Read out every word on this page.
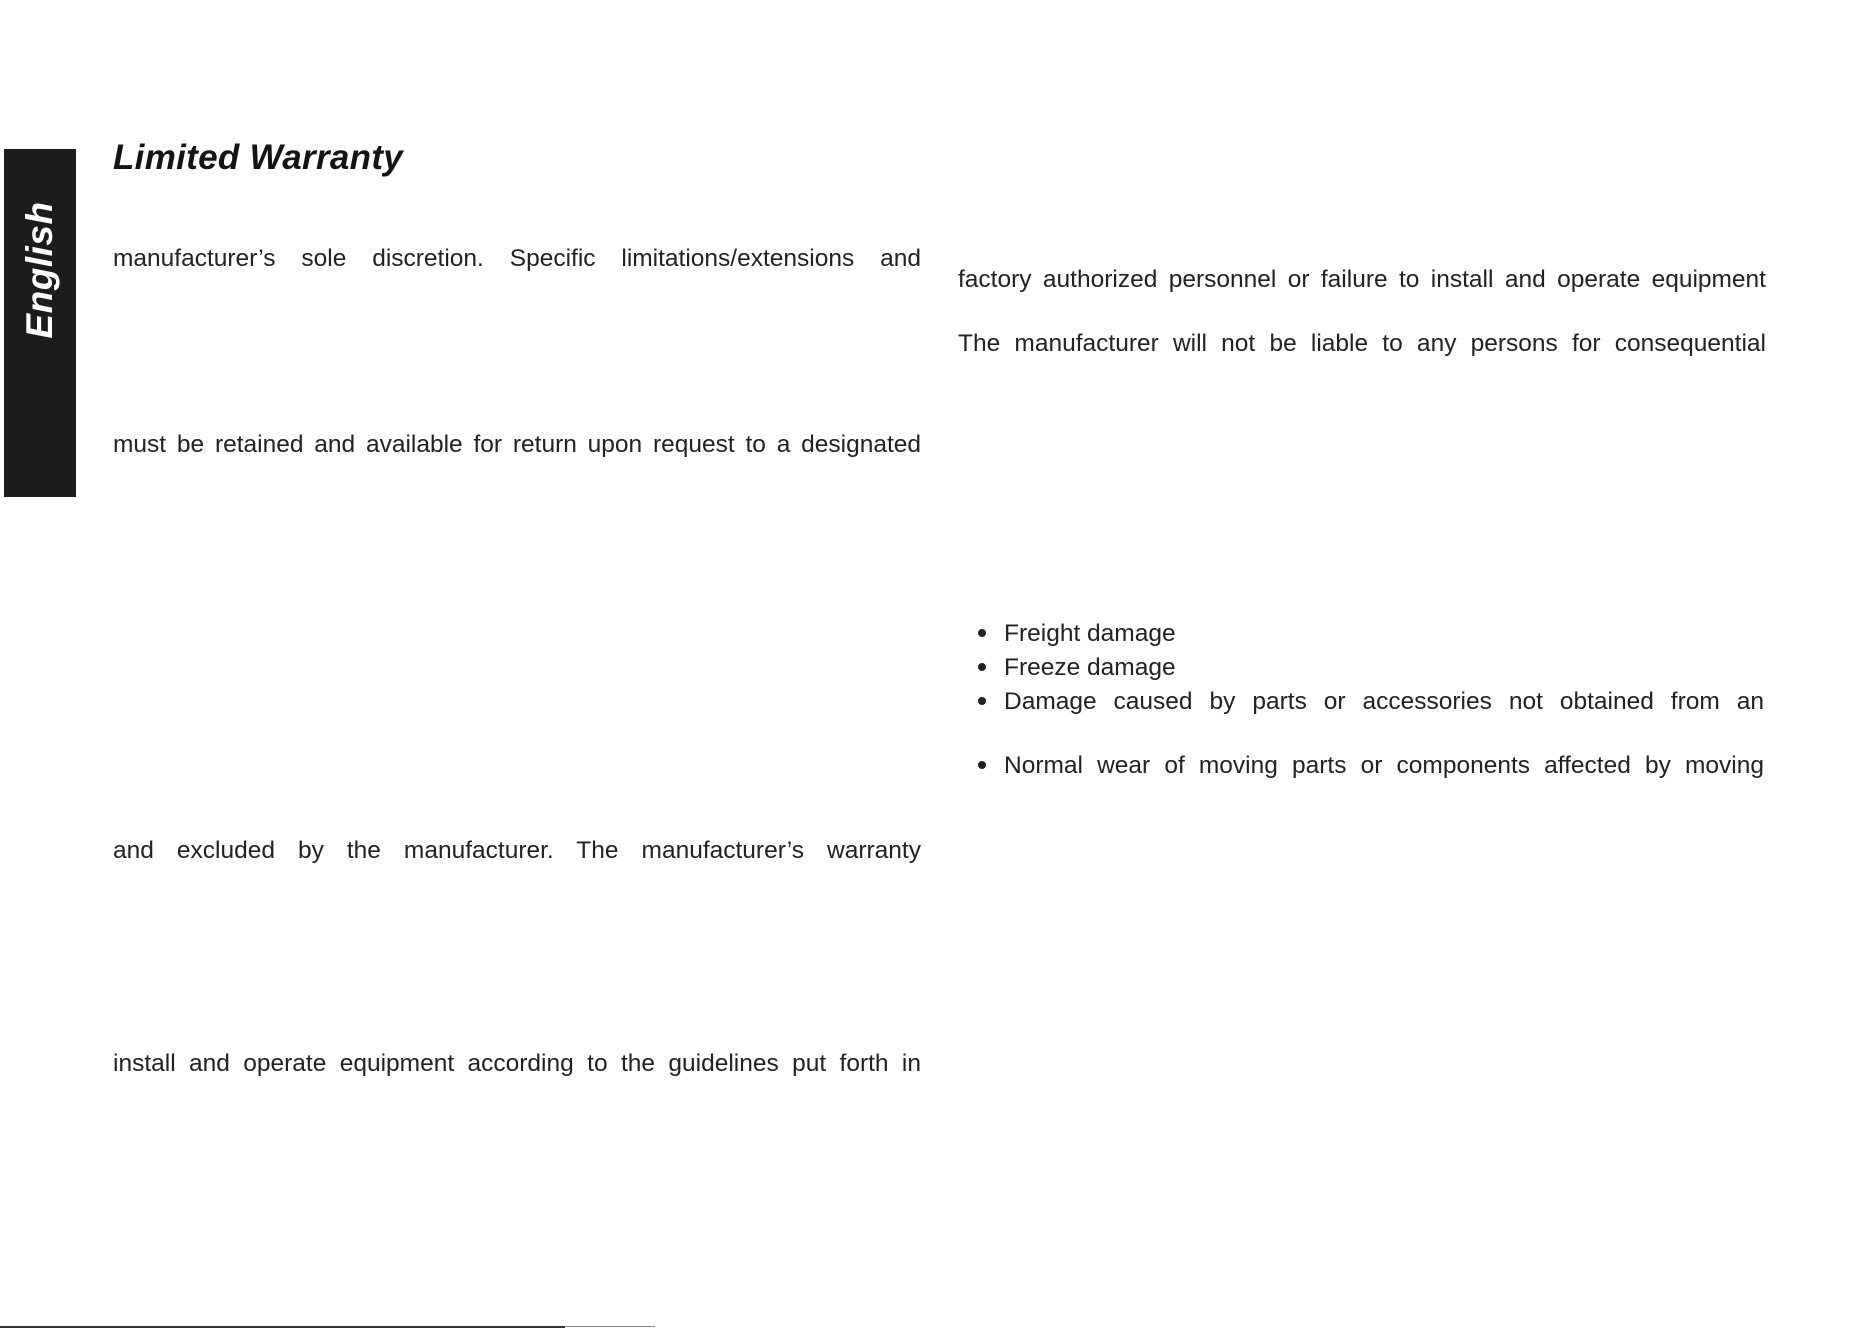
English
Limited Warranty
manufacturer’s sole discretion. Specific limitations/extensions and
must be retained and available for return upon request to a designated
and excluded by the manufacturer. The manufacturer’s warranty
install and operate equipment according to the guidelines put forth in
factory authorized personnel or failure to install and operate equipment
The manufacturer will not be liable to any persons for consequential
Freight damage
Freeze damage
Damage caused by parts or accessories not obtained from an
Normal wear of moving parts or components affected by moving
